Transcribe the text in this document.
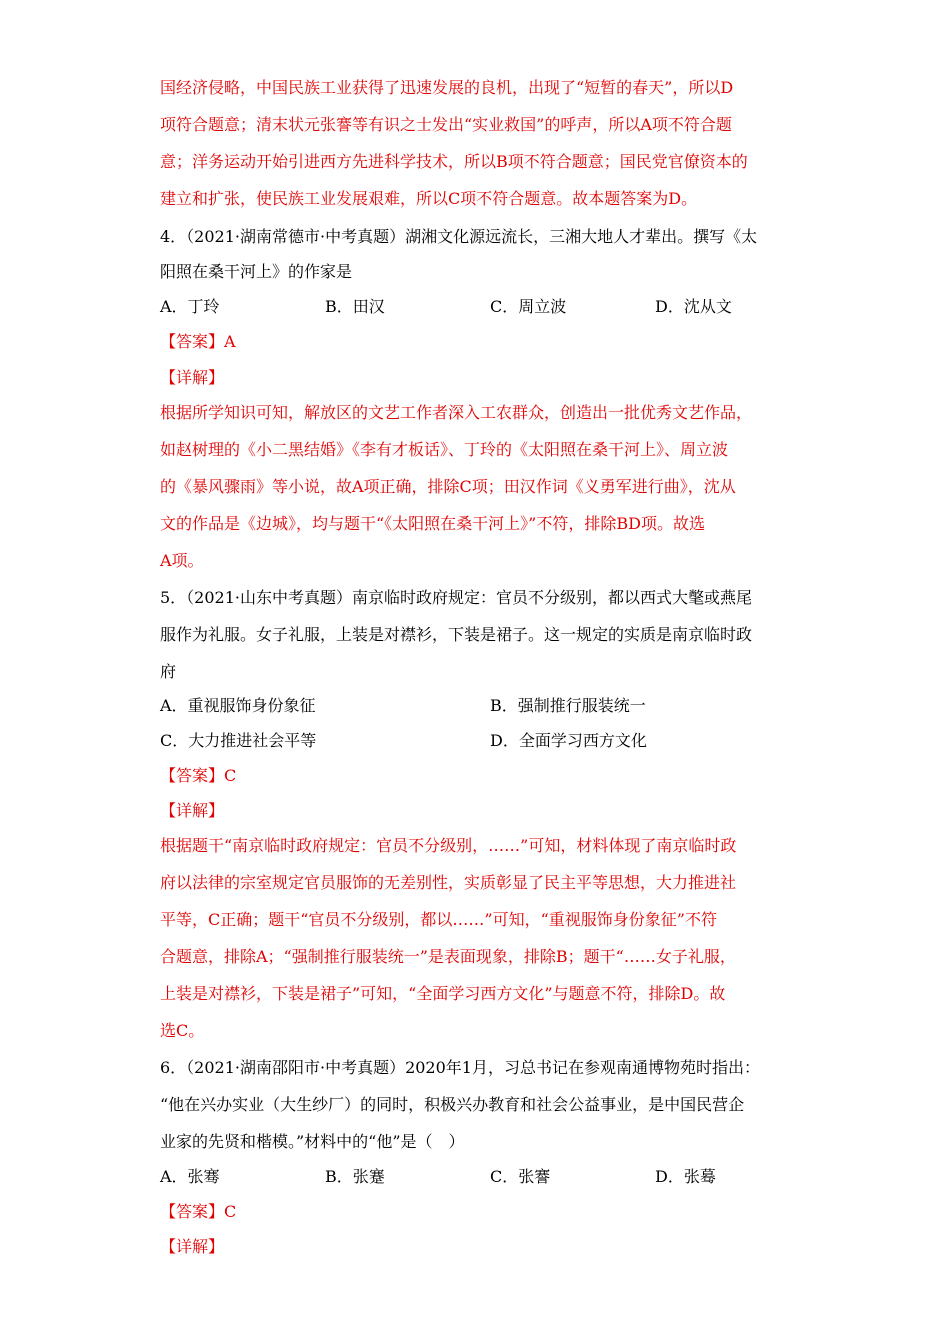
国经济侵略，中国民族工业获得了迅速发展的良机，出现了“短暂的春天”，所以D
项符合题意；清末状元张謇等有识之士发出“实业救国”的呼声，所以A项不符合题
意；洋务运动开始引进西方先进科学技术，所以B项不符合题意；国民党官僚资本的
建立和扩张，使民族工业发展艰难，所以C项不符合题意。故本题答案为D。
4．（2021·湖南常德市·中考真题）湖湘文化源远流长，三湘大地人才辈出。撰写《太
阳照在桑干河上》的作家是
A．丁玲	B．田汉	C．周立波	D．沈从文
【答案】A
【详解】
根据所学知识可知，解放区的文艺工作者深入工农群众，创造出一批优秀文艺作品，
如赵树理的《小二黑结婚》《李有才板话》、丁玲的《太阳照在桑干河上》、周立波
的《暴风骤雨》等小说，故A项正确，排除C项；田汉作词《义勇军进行曲》，沈从
文的作品是《边城》，均与题干“《太阳照在桑干河上》”不符，排除BD项。故选
A项。
5．（2021·山东中考真题）南京临时政府规定：官员不分级别，都以西式大氅或燕尾
服作为礼服。女子礼服，上装是对襟衫，下装是裙子。这一规定的实质是南京临时政
府
A．重视服饰身份象征	B．强制推行服装统一
C．大力推进社会平等	D．全面学习西方文化
【答案】C
【详解】
根据题干“南京临时政府规定：官员不分级别，……”可知，材料体现了南京临时政
府以法律的宗室规定官员服饰的无差别性，实质彰显了民主平等思想，大力推进社
平等，C正确；题干“官员不分级别，都以……”可知，“重视服饰身份象征”不符
合题意，排除A；“强制推行服装统一”是表面现象，排除B；题干“……女子礼服，
上装是对襟衫，下装是裙子”可知，“全面学习西方文化”与题意不符，排除D。故
选C。
6．（2021·湖南邵阳市·中考真题）2020年1月，习总书记在参观南通博物苑时指出：
“他在兴办实业（大生纱厂）的同时，积极兴办教育和社会公益事业，是中国民营企
业家的先贤和楷模。”材料中的“他”是（　）
A．张骞	B．张蹇	C．张謇	D．张蓦
【答案】C
【详解】
